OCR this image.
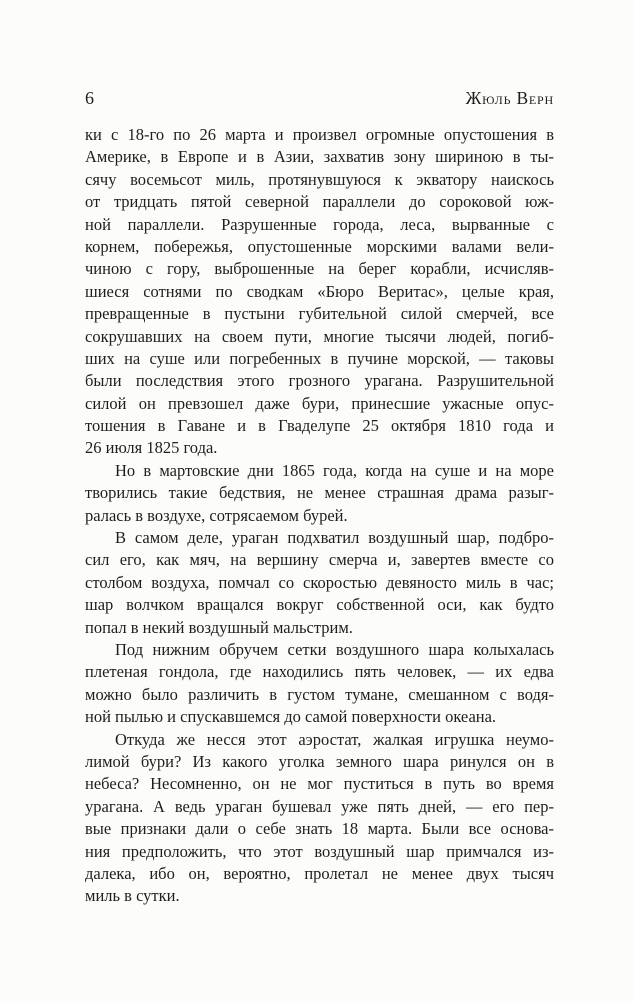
6	Жюль Верн

ки с 18-го по 26 марта и произвел огромные опустошения в
Америке, в Европе и в Азии, захватив зону шириною в ты-
сячу восемьсот миль, протянувшуюся к экватору наискось
от тридцать пятой северной параллели до сороковой юж-
ной параллели. Разрушенные города, леса, вырванные с
корнем, побережья, опустошенные морскими валами вели-
чиною с гору, выброшенные на берег корабли, исчисляв-
шиеся сотнями по сводкам «Бюро Веритас», целые края,
превращенные в пустыни губительной силой смерчей, все
сокрушавших на своем пути, многие тысячи людей, погиб-
ших на суше или погребенных в пучине морской, — таковы
были последствия этого грозного урагана. Разрушительной
силой он превзошел даже бури, принесшие ужасные опус-
тошения в Гаване и в Гваделупе 25 октября 1810 года и
26 июля 1825 года.

Но в мартовские дни 1865 года, когда на суше и на море
творились такие бедствия, не менее страшная драма разыг-
ралась в воздухе, сотрясаемом бурей.

В самом деле, ураган подхватил воздушный шар, подбро-
сил его, как мяч, на вершину смерча и, завертев вместе со
столбом воздуха, помчал со скоростью девяносто миль в час;
шар волчком вращался вокруг собственной оси, как будто
попал в некий воздушный мальстрим.

Под нижним обручем сетки воздушного шара колыхалась
плетеная гондола, где находились пять человек, — их едва
можно было различить в густом тумане, смешанном с водя-
ной пылью и спускавшемся до самой поверхности океана.

Откуда же несся этот аэростат, жалкая игрушка неумо-
лимой бури? Из какого уголка земного шара ринулся он в
небеса? Несомненно, он не мог пуститься в путь во время
урагана. А ведь ураган бушевал уже пять дней, — его пер-
вые признаки дали о себе знать 18 марта. Были все основа-
ния предположить, что этот воздушный шар примчался из-
далека, ибо он, вероятно, пролетал не менее двух тысяч
миль в сутки.
